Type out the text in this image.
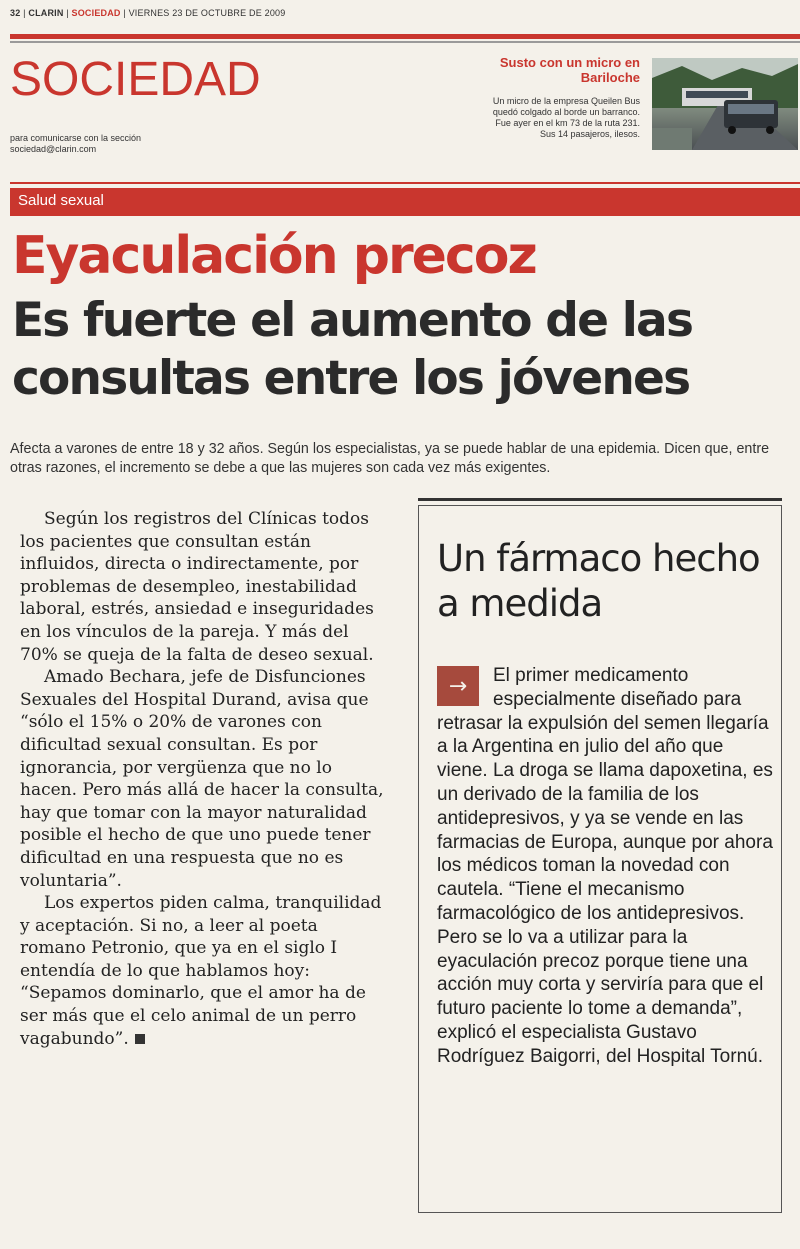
32 | CLARIN | SOCIEDAD | VIERNES 23 DE OCTUBRE DE 2009
SOCIEDAD
para comunicarse con la sección
sociedad@clarin.com
Susto con un micro en Bariloche
Un micro de la empresa Queilen Bus quedó colgado al borde un barranco. Fue ayer en el km 73 de la ruta 231. Sus 14 pasajeros, ilesos.
Salud sexual
Eyaculación precoz
Es fuerte el aumento de las consultas entre los jóvenes
Afecta a varones de entre 18 y 32 años. Según los especialistas, ya se puede hablar de una epidemia. Dicen que, entre otras razones, el incremento se debe a que las mujeres son cada vez más exigentes.

Según los registros del Clínicas todos los pacientes que consultan están influidos, directa o indirectamente, por problemas de desempleo, inestabilidad laboral, estrés, ansiedad e inseguridades en los vínculos de la pareja. Y más del 70% se queja de la falta de deseo sexual.

Amado Bechara, jefe de Disfunciones Sexuales del Hospital Durand, avisa que “sólo el 15% o 20% de varones con dificultad sexual consultan. Es por ignorancia, por vergüenza que no lo hacen. Pero más allá de hacer la consulta, hay que tomar con la mayor naturalidad posible el hecho de que uno puede tener dificultad en una respuesta que no es voluntaria”.

Los expertos piden calma, tranquilidad y aceptación. Si no, a leer al poeta romano Petronio, que ya en el siglo I entendía de lo que hablamos hoy: “Sepamos dominarlo, que el amor ha de ser más que el celo animal de un perro vagabundo”.

Un fármaco hecho a medida
→	El primer medicamento especialmente diseñado para retrasar la expulsión del semen llegaría a la Argentina en julio del año que viene. La droga se llama dapoxetina, es un derivado de la familia de los antidepresivos, y ya se vende en las farmacias de Europa, aunque por ahora los médicos toman la novedad con cautela. “Tiene el mecanismo farmacológico de los antidepresivos. Pero se lo va a utilizar para la eyaculación precoz porque tiene una acción muy corta y serviría para que el futuro paciente lo tome a demanda”, explicó el especialista Gustavo Rodríguez Baigorri, del Hospital Tornú.
